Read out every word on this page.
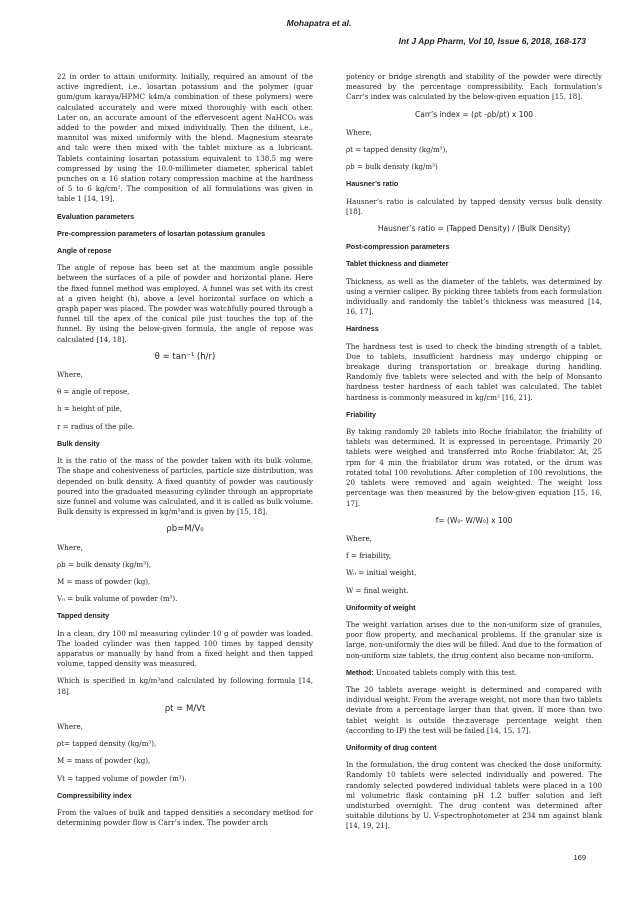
Mohapatra et al.
Int J App Pharm, Vol 10, Issue 6, 2018, 168-173

22 in order to attain uniformity. Initially, required an amount of the active ingredient, i.e., losartan potassium and the polymer (guar gum/gum karaya/HPMC k4m/a combination of these polymers) were calculated accurately and were mixed thoroughly with each other. Later on, an accurate amount of the effervescent agent NaHCO₃ was added to the powder and mixed individually. Then the diluent, i.e., mannitol was mixed uniformly with the blend. Magnesium stearate and talc were then mixed with the tablet mixture as a lubricant. Tablets containing losartan potassium equivalent to 138.5 mg were compressed by using the 10.0-millimeter diameter, spherical tablet punches on a 16 station rotary compression machine at the hardness of 5 to 6 kg/cm². The composition of all formulations was given in table 1 [14, 19].

Evaluation parameters

Pre-compression parameters of losartan potassium granules

Angle of repose

The angle of repose has been set at the maximum angle possible between the surfaces of a pile of powder and horizontal plane. Here the fixed funnel method was employed. A funnel was set with its crest at a given height (h), above a level horizontal surface on which a graph paper was placed. The powder was watchfully poured through a funnel till the apex of the conical pile just touches the top of the funnel. By using the below-given formula, the angle of repose was calculated [14, 18].

θ = tan⁻¹ (h/r)

Where,

θ = angle of repose,

h = height of pile,

r = radius of the pile.

Bulk density

It is the ratio of the mass of the powder taken with its bulk volume. The shape and cohesiveness of particles, particle size distribution, was depended on bulk density. A fixed quantity of powder was cautiously poured into the graduated measuring cylinder through an appropriate size funnel and volume was calculated, and it is called as bulk volume. Bulk density is expressed in kg/m³and is given by [15, 18].

ρb=M/V₀

Where,

ρb = bulk density (kg/m³),

M = mass of powder (kg),

V₀ = bulk volume of powder (m³).

Tapped density

In a clean, dry 100 ml measuring cylinder 10 g of powder was loaded. The loaded cylinder was then tapped 100 times by tapped density apparatus or manually by hand from a fixed height and then tapped volume, tapped density was measured.

Which is specified in kg/m³and calculated by following formula [14, 18].

ρt = M/Vt

Where,

ρt= tapped density (kg/m³),

M = mass of powder (kg),

Vt = tapped volume of powder (m³).

Compressibility index

From the values of bulk and tapped densities a secondary method for determining powder flow is Carr’s index. The powder arch

potency or bridge strength and stability of the powder were directly measured by the percentage compressibility. Each formulation’s Carr’s index was calculated by the below-given equation [15, 18].

Carr’s index = (ρt -ρb/ρt) x 100

Where,

ρt = tapped density (kg/m³),

ρb = bulk density (kg/m³)

Hausner’s ratio

Hausner’s ratio is calculated by tapped density versus bulk density [18].

Hausner’s ratio = (Tapped Density) / (Bulk Density)

Post-compression parameters

Tablet thickness and diameter

Thickness, as well as the diameter of the tablets, was determined by using a vernier caliper. By picking three tablets from each formulation individually and randomly the tablet’s thickness was measured [14, 16, 17].

Hardness

The hardness test is used to check the binding strength of a tablet. Due to tablets, insufficient hardness may undergo chipping or breakage during transportation or breakage during handling. Randomly five tablets were selected and with the help of Monsanto hardness tester hardness of each tablet was calculated. The tablet hardness is commonly measured in kg/cm² [16, 21].

Friability

By taking randomly 20 tablets into Roche friabilator, the friability of tablets was determined. It is expressed in percentage. Primarily 20 tablets were weighed and transferred into Roche friabilator. At, 25 rpm for 4 min the friabilator drum was rotated, or the drum was rotated total 100 revolutions. After completion of 100 revolutions, the 20 tablets were removed and again weighted. The weight loss percentage was then measured by the below-given equation [15, 16, 17].

f= (W₀- W/W₀) x 100

Where,

f = friability,

W₀ = initial weight,

W = final weight.

Uniformity of weight

The weight variation arises due to the non-uniform size of granules, poor flow property, and mechanical problems. If the granular size is large, non-uniformly the dies will be filled. And due to the formation of non-uniform size tablets, the drug content also became non-uniform.

Method: Uncoated tablets comply with this test.

The 20 tablets average weight is determined and compared with individual weight. From the average weight, not more than two tablets deviate from a percentage larger than that given. If more than two tablet weight is outside the±average percentage weight then (according to IP) the test will be failed [14, 15, 17].

Uniformity of drug content

In the formulation, the drug content was checked the dose uniformity. Randomly 10 tablets were selected individually and powered. The randomly selected powdered individual tablets were placed in a 100 ml volumetric flask containing pH 1.2 buffer solution and left undisturbed overnight. The drug content was determined after suitable dilutions by U. V-spectrophotometer at 234 nm against blank [14, 19, 21].

169
